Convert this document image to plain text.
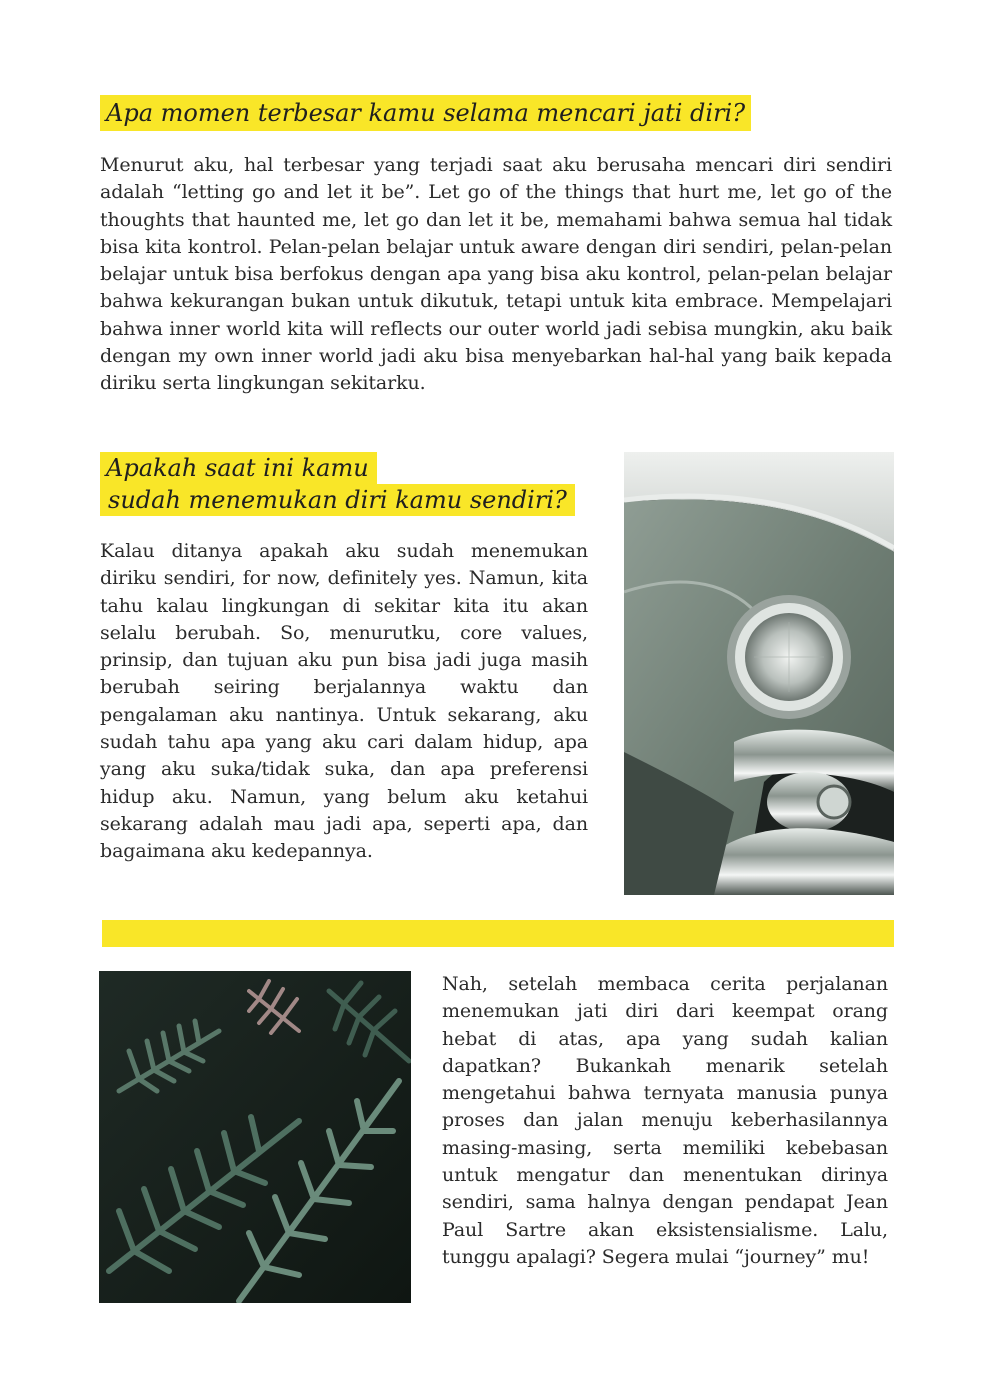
Apa momen terbesar kamu selama mencari jati diri?

Menurut aku, hal terbesar yang terjadi saat aku berusaha mencari diri sendiri adalah “letting go and let it be”. Let go of the things that hurt me, let go of the thoughts that haunted me, let go dan let it be, memahami bahwa semua hal tidak bisa kita kontrol. Pelan-pelan belajar untuk aware dengan diri sendiri, pelan-pelan belajar untuk bisa berfokus dengan apa yang bisa aku kontrol, pelan-pelan belajar bahwa kekurangan bukan untuk dikutuk, tetapi untuk kita embrace. Mempelajari bahwa inner world kita will reflects our outer world jadi sebisa mungkin, aku baik dengan my own inner world jadi aku bisa menyebarkan hal-hal yang baik kepada diriku serta lingkungan sekitarku.

Apakah saat ini kamu
sudah menemukan diri kamu sendiri?

Kalau ditanya apakah aku sudah menemukan diriku sendiri, for now, definitely yes. Namun, kita tahu kalau lingkungan di sekitar kita itu akan selalu berubah. So, menurutku, core values, prinsip, dan tujuan aku pun bisa jadi juga masih berubah seiring berjalannya waktu dan pengalaman aku nantinya. Untuk sekarang, aku sudah tahu apa yang aku cari dalam hidup, apa yang aku suka/tidak suka, dan apa preferensi hidup aku. Namun, yang belum aku ketahui sekarang adalah mau jadi apa, seperti apa, dan bagaimana aku kedepannya.

Nah, setelah membaca cerita perjalanan menemukan jati diri dari keempat orang hebat di atas, apa yang sudah kalian dapatkan? Bukankah menarik setelah mengetahui bahwa ternyata manusia punya proses dan jalan menuju keberhasilannya masing-masing, serta memiliki kebebasan untuk mengatur dan menentukan dirinya sendiri, sama halnya dengan pendapat Jean Paul Sartre akan eksistensialisme. Lalu, tunggu apalagi? Segera mulai “journey” mu!
